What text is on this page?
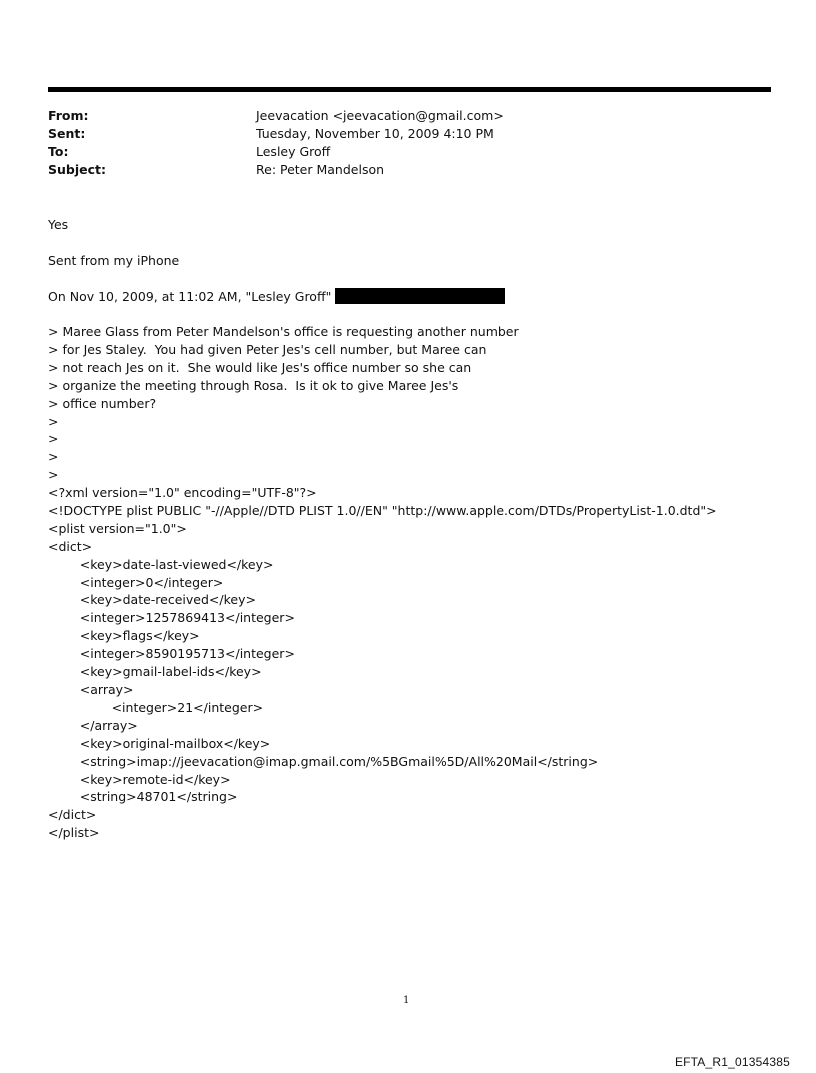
From:	Jeevacation <jeevacation@gmail.com>
Sent:	Tuesday, November 10, 2009 4:10 PM
To:	Lesley Groff
Subject:	Re: Peter Mandelson
Yes
Sent from my iPhone
On Nov 10, 2009, at 11:02 AM, "Lesley Groff"
> Maree Glass from Peter Mandelson's office is requesting another number
> for Jes Staley.  You had given Peter Jes's cell number, but Maree can
> not reach Jes on it.  She would like Jes's office number so she can
> organize the meeting through Rosa.  Is it ok to give Maree Jes's
> office number?
>
>
>
>
<?xml version="1.0" encoding="UTF-8"?>
<!DOCTYPE plist PUBLIC "-//Apple//DTD PLIST 1.0//EN" "http://www.apple.com/DTDs/PropertyList-1.0.dtd">
<plist version="1.0">
<dict>
<key>date-last-viewed</key>
<integer>0</integer>
<key>date-received</key>
<integer>1257869413</integer>
<key>flags</key>
<integer>8590195713</integer>
<key>gmail-label-ids</key>
<array>
<integer>21</integer>
</array>
<key>original-mailbox</key>
<string>imap://jeevacation@imap.gmail.com/%5BGmail%5D/All%20Mail</string>
<key>remote-id</key>
<string>48701</string>
</dict>
</plist>
1
EFTA_R1_01354385
